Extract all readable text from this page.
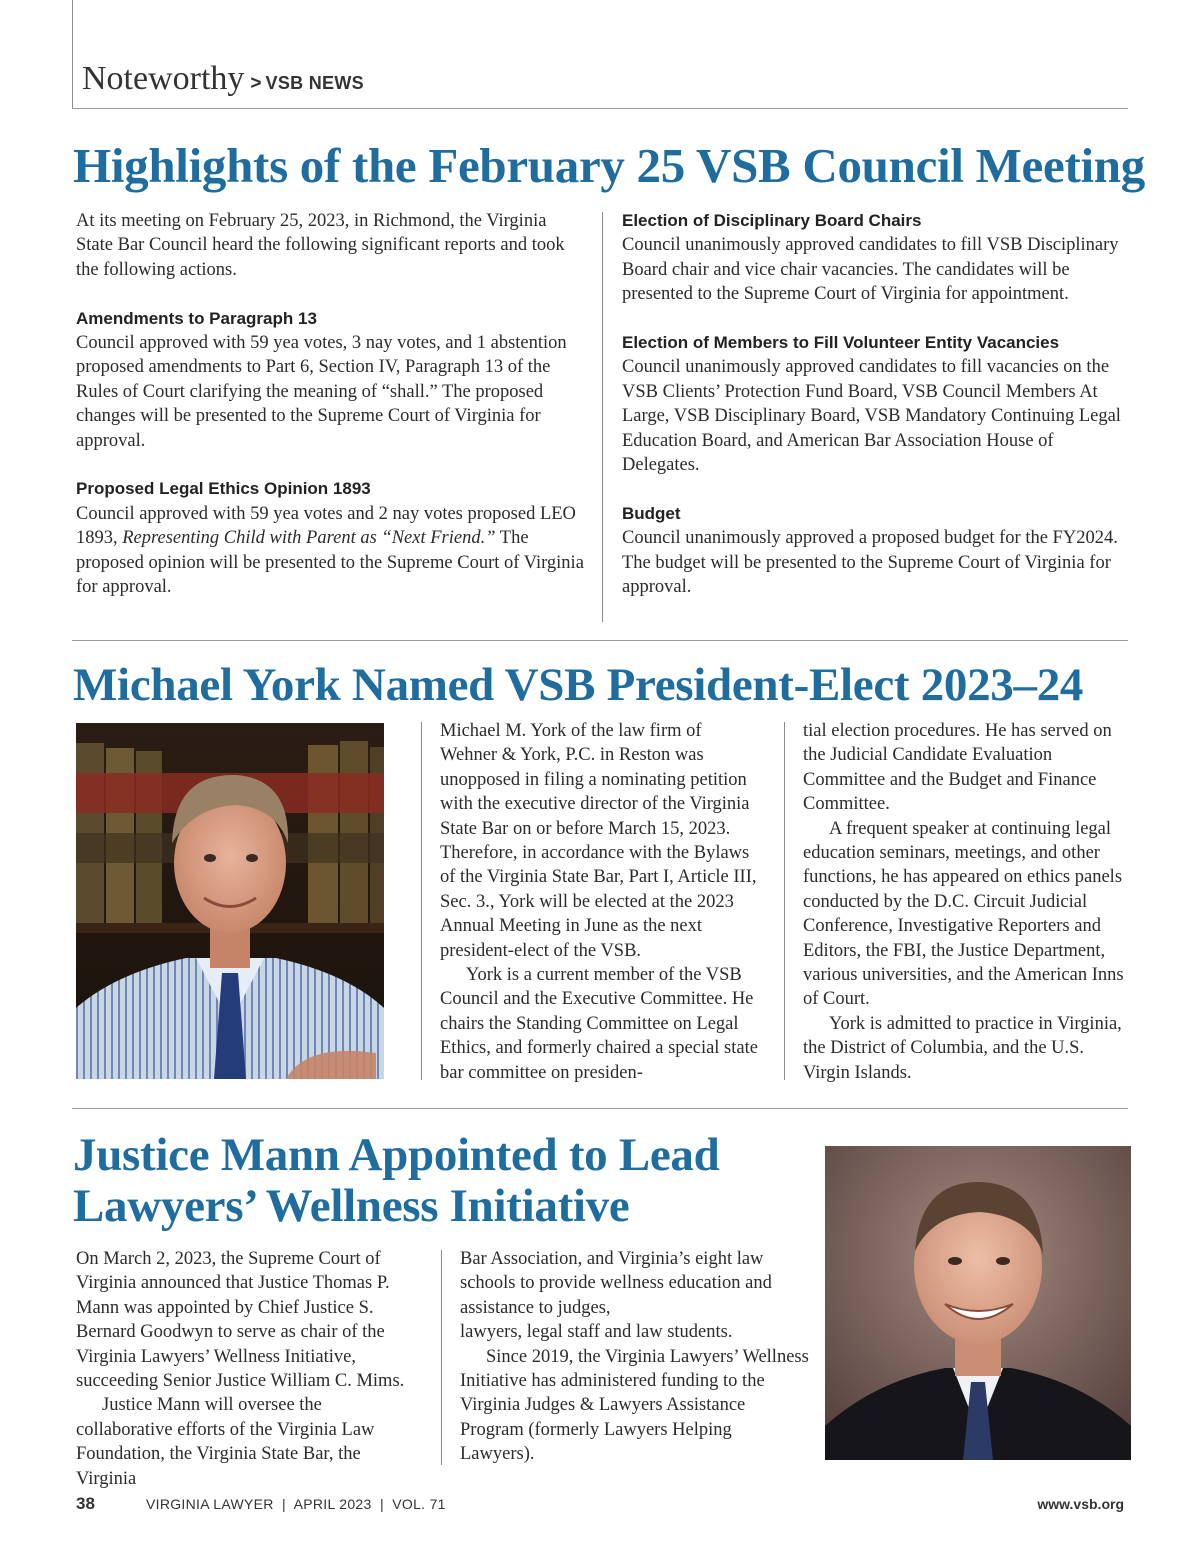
Noteworthy > VSB NEWS
Highlights of the February 25 VSB Council Meeting

At its meeting on February 25, 2023, in Richmond, the Virginia State Bar Council heard the following significant reports and took the following actions.

Amendments to Paragraph 13

Council approved with 59 yea votes, 3 nay votes, and 1 abstention proposed amendments to Part 6, Section IV, Paragraph 13 of the Rules of Court clarifying the meaning of “shall.” The proposed changes will be presented to the Supreme Court of Virginia for approval.

Proposed Legal Ethics Opinion 1893

Council approved with 59 yea votes and 2 nay votes proposed LEO 1893, Representing Child with Parent as “Next Friend.” The proposed opinion will be presented to the Supreme Court of Virginia for approval.

Election of Disciplinary Board Chairs

Council unanimously approved candidates to fill VSB Disciplinary Board chair and vice chair vacancies. The candidates will be presented to the Supreme Court of Virginia for appointment.

Election of Members to Fill Volunteer Entity Vacancies

Council unanimously approved candidates to fill vacancies on the VSB Clients’ Protection Fund Board, VSB Council Members At Large, VSB Disciplinary Board, VSB Mandatory Continuing Legal Education Board, and American Bar Association House of Delegates.

Budget

Council unanimously approved a proposed budget for the FY2024. The budget will be presented to the Supreme Court of Virginia for approval.

Michael York Named VSB President-Elect 2023–24

Michael M. York of the law firm of Wehner & York, P.C. in Reston was unopposed in filing a nominating petition with the executive director of the Virginia State Bar on or before March 15, 2023. Therefore, in accordance with the Bylaws of the Virginia State Bar, Part I, Article III, Sec. 3., York will be elected at the 2023 Annual Meeting in June as the next president-elect of the VSB.

York is a current member of the VSB Council and the Executive Committee. He chairs the Standing Committee on Legal Ethics, and formerly chaired a special state bar committee on presiden-

tial election procedures. He has served on the Judicial Candidate Evaluation Committee and the Budget and Finance Committee.

A frequent speaker at continuing legal education seminars, meetings, and other functions, he has appeared on ethics panels conducted by the D.C. Circuit Judicial Conference, Investigative Reporters and Editors, the FBI, the Justice Department, various universities, and the American Inns of Court.

York is admitted to practice in Virginia, the District of Columbia, and the U.S. Virgin Islands.

Justice Mann Appointed to Lead
Lawyers’ Wellness Initiative

On March 2, 2023, the Supreme Court of Virginia announced that Justice Thomas P. Mann was appointed by Chief Justice S. Bernard Goodwyn to serve as chair of the Virginia Lawyers’ Wellness Initiative, succeeding Senior Justice William C. Mims.

Justice Mann will oversee the collaborative efforts of the Virginia Law Foundation, the Virginia State Bar, the Virginia

Bar Association, and Virginia’s eight law schools to provide wellness education and assistance to judges,

lawyers, legal staff and law students.

Since 2019, the Virginia Lawyers’ Wellness Initiative has administered funding to the Virginia Judges & Lawyers Assistance Program (formerly Lawyers Helping Lawyers).

38	VIRGINIA LAWYER  |  APRIL 2023  |  VOL. 71	www.vsb.org
